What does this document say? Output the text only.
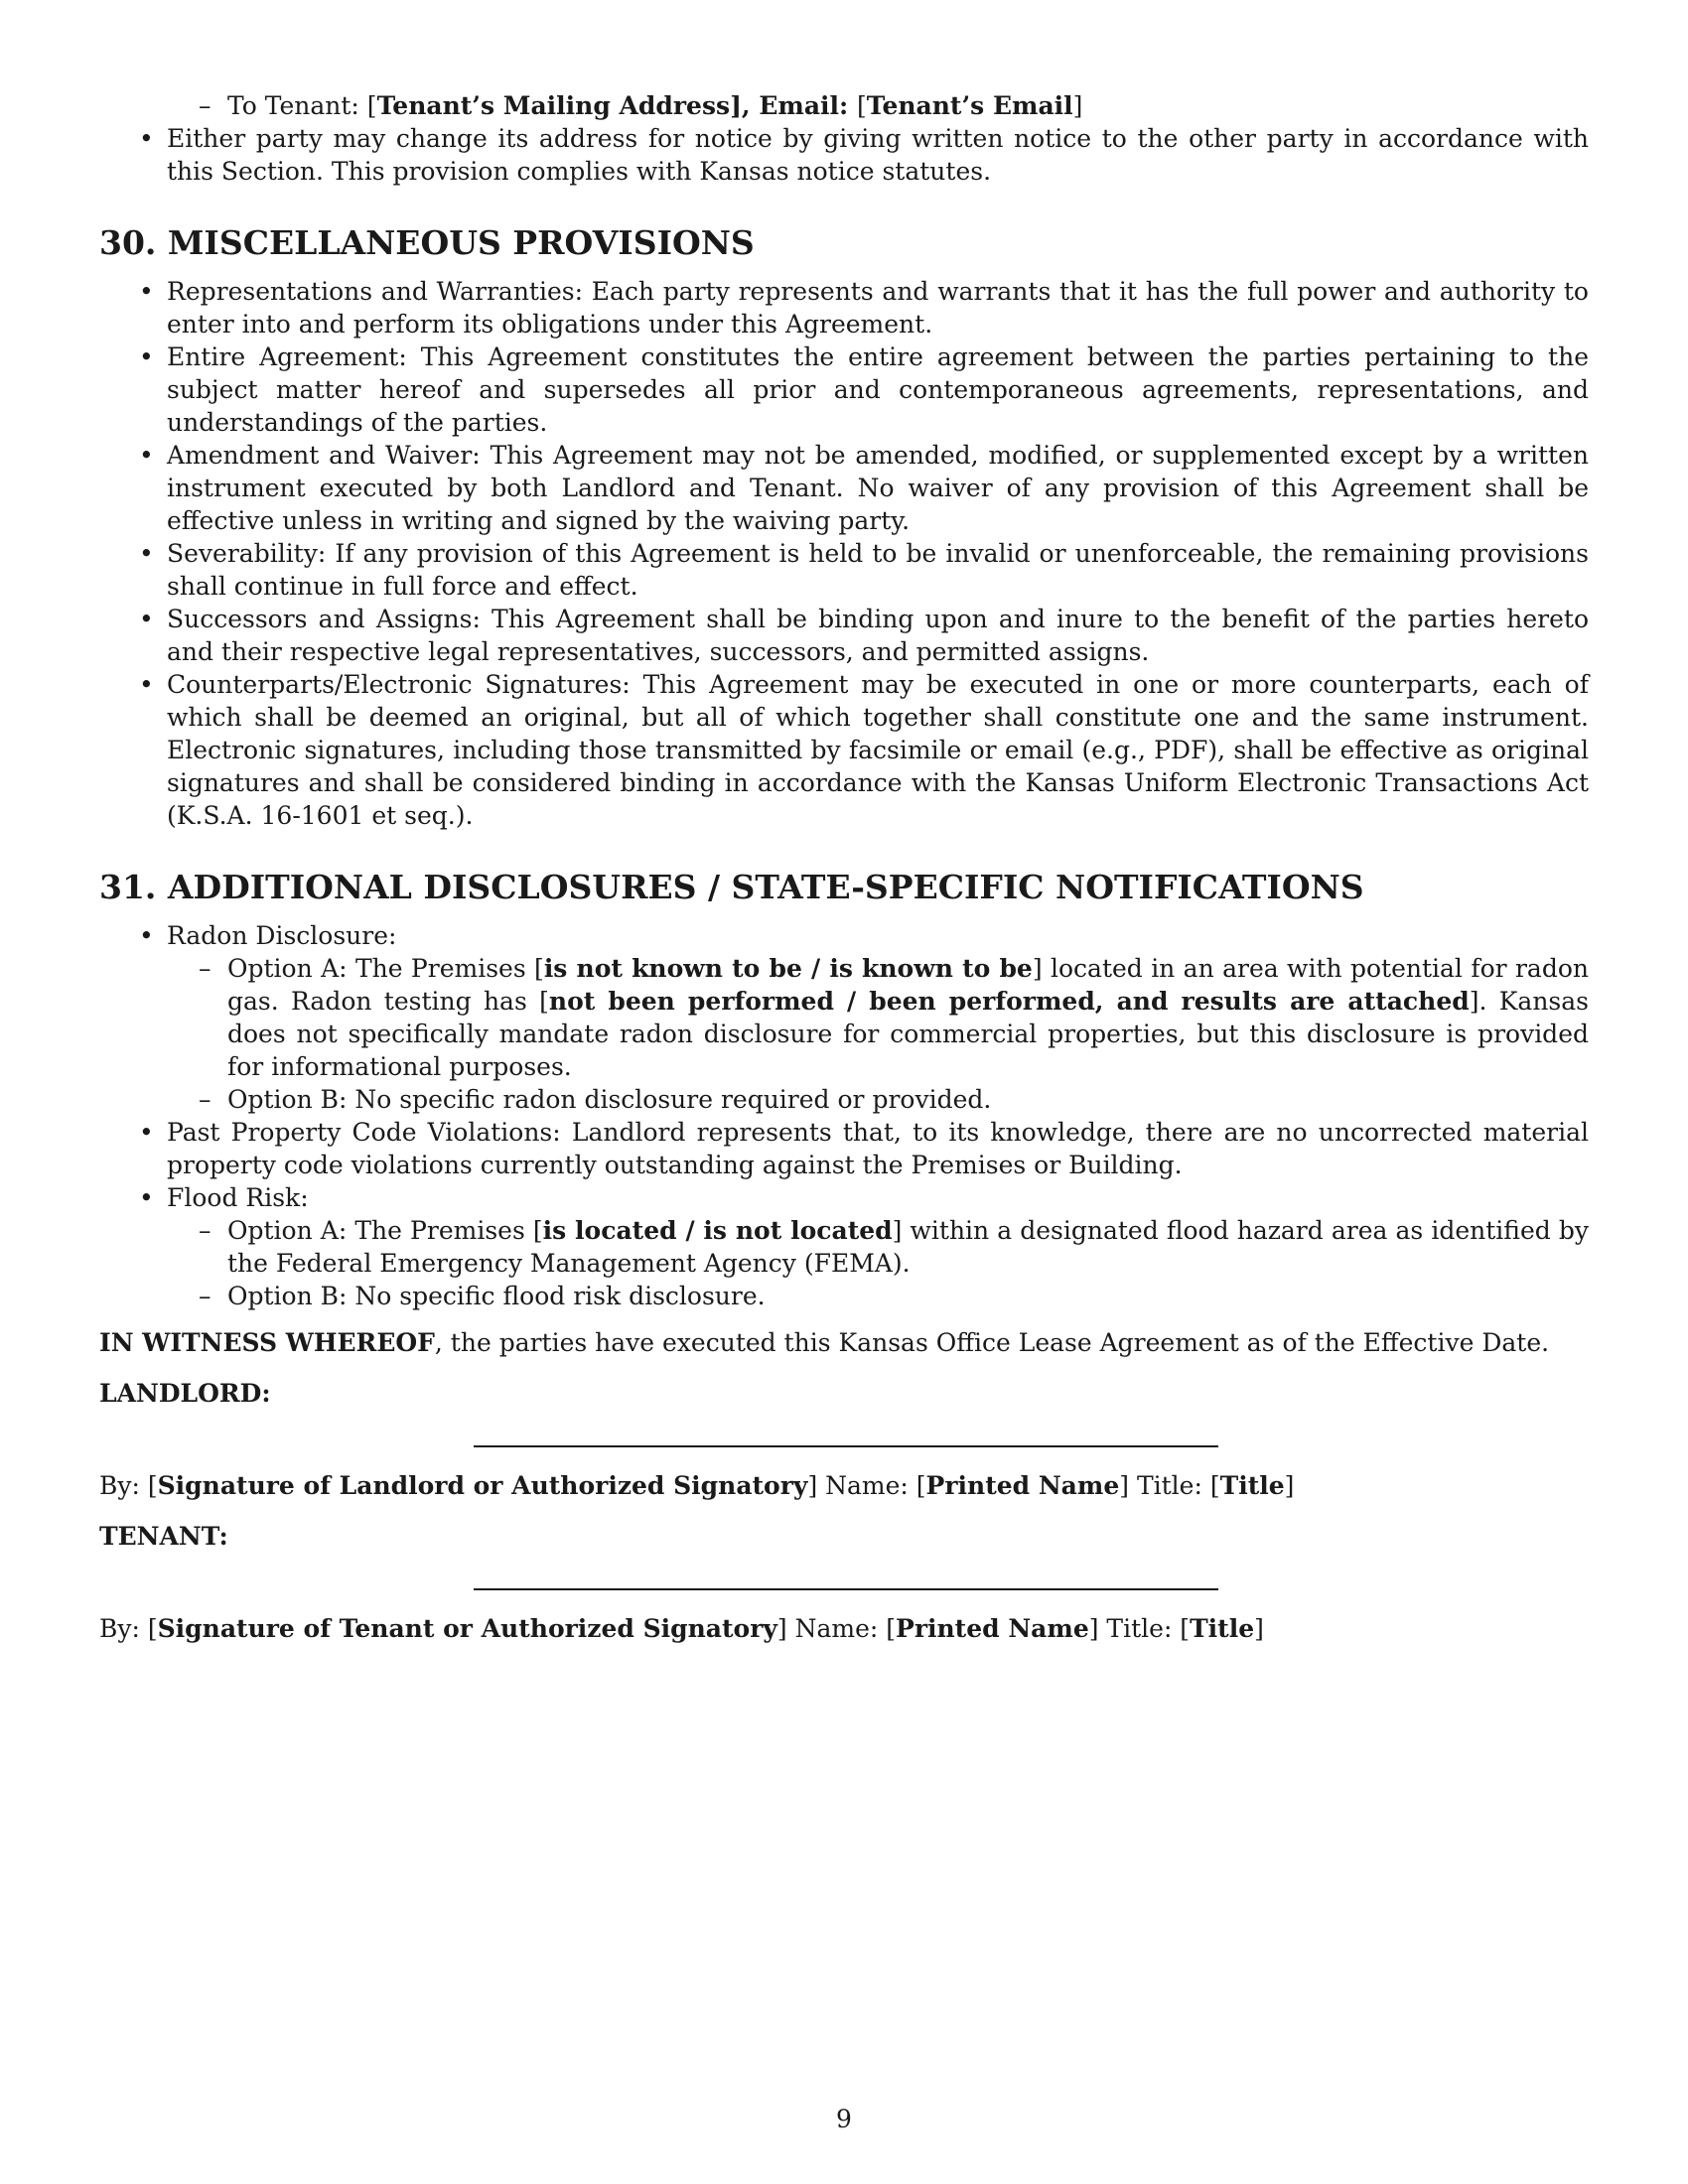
– To Tenant: [Tenant’s Mailing Address], Email: [Tenant’s Email]
• Either party may change its address for notice by giving written notice to the other party in accordance with this Section. This provision complies with Kansas notice statutes.
30. MISCELLANEOUS PROVISIONS
• Representations and Warranties: Each party represents and warrants that it has the full power and authority to enter into and perform its obligations under this Agreement.
• Entire Agreement: This Agreement constitutes the entire agreement between the parties pertaining to the subject matter hereof and supersedes all prior and contemporaneous agreements, representations, and understandings of the parties.
• Amendment and Waiver: This Agreement may not be amended, modified, or supplemented except by a written instrument executed by both Landlord and Tenant. No waiver of any provision of this Agreement shall be effective unless in writing and signed by the waiving party.
• Severability: If any provision of this Agreement is held to be invalid or unenforceable, the remaining provisions shall continue in full force and effect.
• Successors and Assigns: This Agreement shall be binding upon and inure to the benefit of the parties hereto and their respective legal representatives, successors, and permitted assigns.
• Counterparts/Electronic Signatures: This Agreement may be executed in one or more counterparts, each of which shall be deemed an original, but all of which together shall constitute one and the same instrument. Electronic signatures, including those transmitted by facsimile or email (e.g., PDF), shall be effective as original signatures and shall be considered binding in accordance with the Kansas Uniform Electronic Transactions Act (K.S.A. 16-1601 et seq.).
31. ADDITIONAL DISCLOSURES / STATE-SPECIFIC NOTIFICATIONS
• Radon Disclosure:
– Option A: The Premises [is not known to be / is known to be] located in an area with potential for radon gas. Radon testing has [not been performed / been performed, and results are attached]. Kansas does not specifically mandate radon disclosure for commercial properties, but this disclosure is provided for informational purposes.
– Option B: No specific radon disclosure required or provided.
• Past Property Code Violations: Landlord represents that, to its knowledge, there are no uncorrected material property code violations currently outstanding against the Premises or Building.
• Flood Risk:
– Option A: The Premises [is located / is not located] within a designated flood hazard area as identified by the Federal Emergency Management Agency (FEMA).
– Option B: No specific flood risk disclosure.
IN WITNESS WHEREOF, the parties have executed this Kansas Office Lease Agreement as of the Effective Date.
LANDLORD:
By: [Signature of Landlord or Authorized Signatory] Name: [Printed Name] Title: [Title]
TENANT:
By: [Signature of Tenant or Authorized Signatory] Name: [Printed Name] Title: [Title]
9
